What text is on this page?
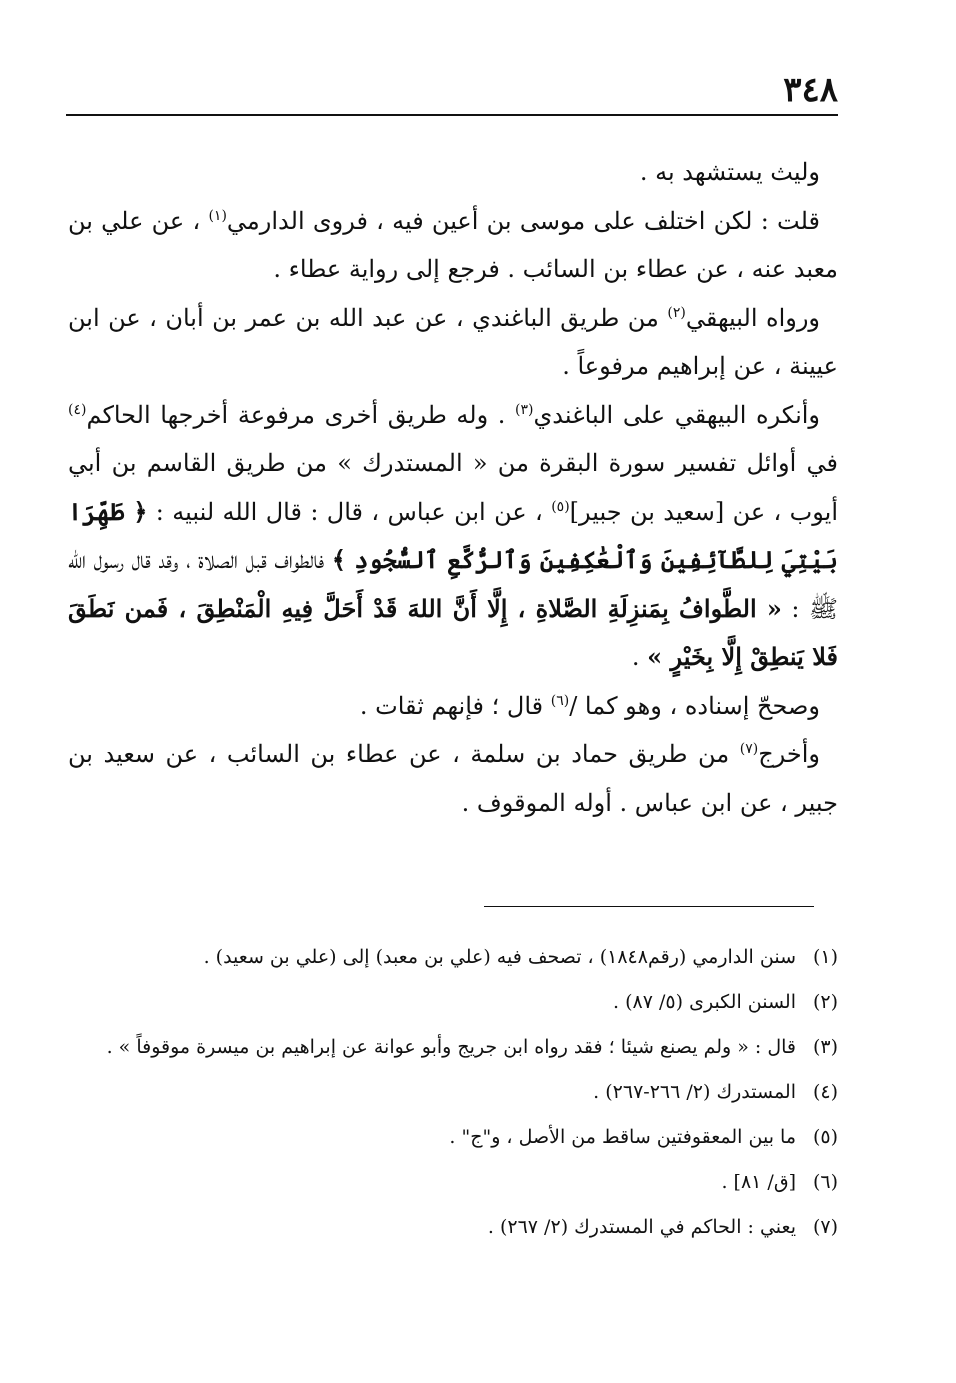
٣٤٨

وليث يستشهد به .

قلت : لكن اختلف على موسى بن أعين فيه ، فروى الدارمي$^{(١)}$ ، عن علي بن معبد عنه ، عن عطاء بن السائب . فرجع إلى رواية عطاء .

ورواه البيهقي$^{(٢)}$ من طريق الباغندي ، عن عبد الله بن عمر بن أبان ، عن ابن عيينة ، عن إبراهيم مرفوعاً .

وأنكره البيهقي على الباغندي$^{(٣)}$ . وله طريق أخرى مرفوعة أخرجها الحاكم$^{(٤)}$ في أوائل تفسير سورة البقرة من « المستدرك » من طريق القاسم بن أبي أيوب ، عن [سعيد بن جبير]$^{(٥)}$ ، عن ابن عباس ، قال : قال الله لنبيه : ﴿ طَهِّرَا بَيْتِيَ لِلطَّآئِفِينَ وَٱلْعَٰكِفِينَ وَٱلرُّكَّعِ ٱلسُّجُودِ ﴾ فالطواف قبل الصلاة ، وقد قال رسول الله ﷺ : « الطَّوافُ بِمَنزِلَةِ الصَّلاةِ ، إِلَّا أَنَّ اللهَ قَدْ أَحَلَّ فِيهِ الْمَنْطِقَ ، فَمن نَطَقَ فَلا يَنطِقْ إِلَّا بِخَيْرٍ » .

وصححّ إسناده ، وهو كما /$^{(٦)}$ قال ؛ فإنهم ثقات .

وأخرج$^{(٧)}$ من طريق حماد بن سلمة ، عن عطاء بن السائب ، عن سعيد بن جبير ، عن ابن عباس . أوله الموقوف .

(١)
سنن الدارمي (رقم١٨٤٨) ، تصحف فيه (علي بن معبد) إلى (علي بن سعيد) .
(٢)
السنن الكبرى (٥/ ٨٧) .
(٣)
قال : « ولم يصنع شيئا ؛ فقد رواه ابن جريج وأبو عوانة عن إبراهيم بن ميسرة موقوفاً » .
(٤)
المستدرك (٢/ ٢٦٦-٢٦٧) .
(٥)
ما بين المعقوفتين ساقط من الأصل ، و"ج" .
(٦)
[ق/ ٨١] .
(٧)
يعني : الحاكم في المستدرك (٢/ ٢٦٧) .
